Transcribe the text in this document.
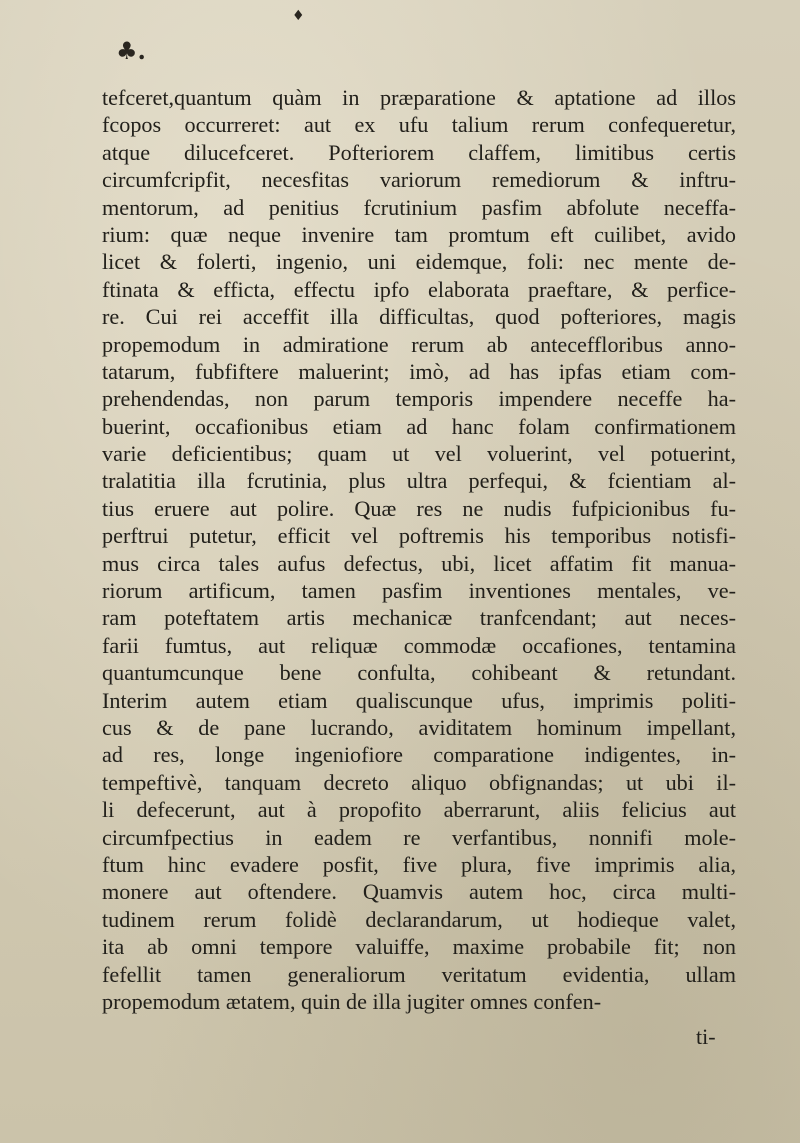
♦
♣.
tefceret,quantum quàm in præparatione & aptatione ad illos
fcopos occurreret: aut ex ufu talium rerum confequeretur,
atque dilucefceret. Pofteriorem claffem, limitibus certis
circumfcripfit, necesfitas variorum remediorum & inftru-
mentorum, ad penitius fcrutinium pasfim abfolute neceffa-
rium: quæ neque invenire tam promtum eft cuilibet, avido
licet & folerti, ingenio, uni eidemque, foli: nec mente de-
ftinata & effictа, effectu ipfo elaborata praeftare, & perfice-
re. Cui rei acceffit illa difficultas, quod pofteriores, magis
propemodum in admiratione rerum ab anteceffloribus anno-
tatarum, fubfiftere maluerint; imò, ad has ipfas etiam com-
prehendendas, non parum temporis impendere neceffe ha-
buerint, occafionibus etiam ad hanc folam confirmationem
varie deficientibus; quam ut vel voluerint, vel potuerint,
tralatitia illa fcrutinia, plus ultra perfequi, & fcientiam al-
tius eruere aut polire. Quæ res ne nudis fufpicionibus fu-
perftrui putetur, efficit vel poftremis his temporibus notisfi-
mus circa tales aufus defectus, ubi, licet affatim fit manua-
riorum artificum, tamen pasfim inventiones mentales, ve-
ram poteftatem artis mechanicæ tranfcendant; aut neces-
farii fumtus, aut reliquæ commodæ occafiones, tentamina
quantumcunque bene confulta, cohibeant & retundant.
Interim autem etiam qualiscunque ufus, imprimis politi-
cus & de pane lucrando, aviditatem hominum impellant,
ad res, longe ingeniofiore comparatione indigentes, in-
tempeftivè, tanquam decreto aliquo obfignandas; ut ubi il-
li defecerunt, aut à propofito aberrarunt, aliis felicius aut
circumfpectius in eadem re verfantibus, nonnifi mole-
ftum hinc evadere posfit, five plura, five imprimis alia,
monere aut oftendere. Quamvis autem hoc, circa multi-
tudinem rerum folidè declarandarum, ut hodieque valet,
ita ab omni tempore valuiffe, maxime probabile fit; non
fefellit tamen generaliorum veritatum evidentia, ullam
propemodum ætatem, quin de illa jugiter omnes confen-
ti-
